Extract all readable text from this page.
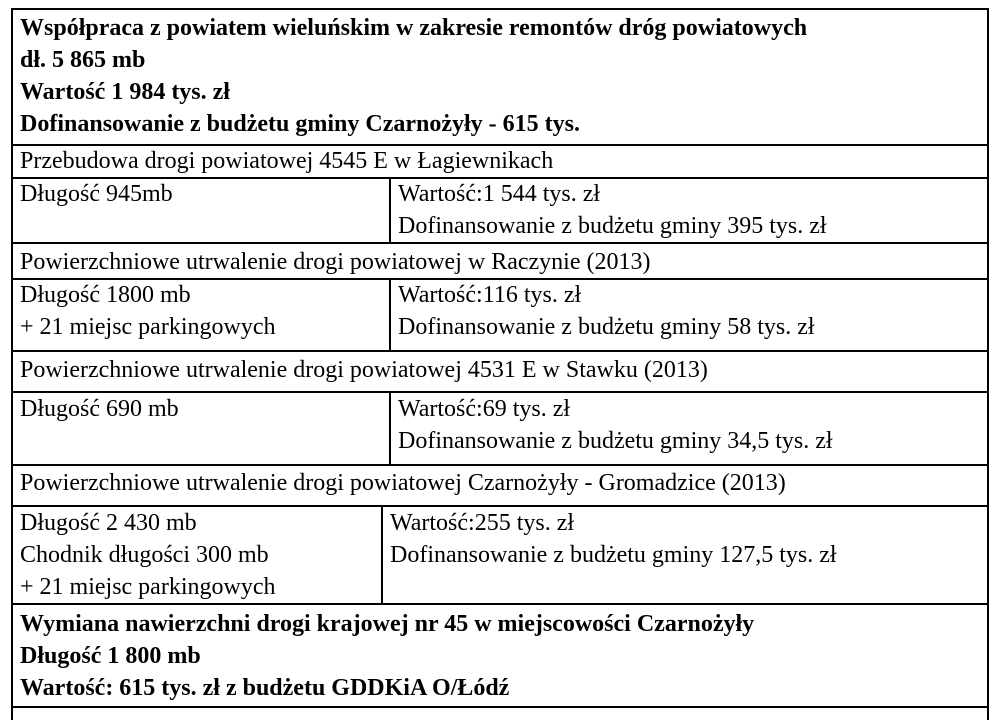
Współpraca z powiatem wieluńskim w zakresie remontów dróg powiatowych
dł. 5 865 mb
Wartość 1 984 tys. zł
Dofinansowanie z budżetu gminy Czarnożyły - 615 tys.
Przebudowa drogi powiatowej 4545 E w Łagiewnikach
Długość 945mb	Wartość:1 544 tys. zł
Dofinansowanie z budżetu gminy 395 tys. zł
Powierzchniowe utrwalenie drogi powiatowej w Raczynie (2013)
Długość 1800 mb
+ 21 miejsc parkingowych
Wartość:116 tys. zł
Dofinansowanie z budżetu gminy 58 tys. zł
Powierzchniowe utrwalenie drogi powiatowej 4531 E w Stawku (2013)
Długość 690 mb	Wartość:69 tys. zł
Dofinansowanie z budżetu gminy 34,5 tys. zł
Powierzchniowe utrwalenie drogi powiatowej Czarnożyły - Gromadzice (2013)
Długość 2 430 mb
Chodnik długości 300 mb
+ 21 miejsc parkingowych
Wartość:255 tys. zł
Dofinansowanie z budżetu gminy 127,5 tys. zł
Wymiana nawierzchni drogi krajowej nr 45 w miejscowości Czarnożyły
Długość 1 800 mb
Wartość: 615 tys. zł z budżetu GDDKiA O/Łódź
